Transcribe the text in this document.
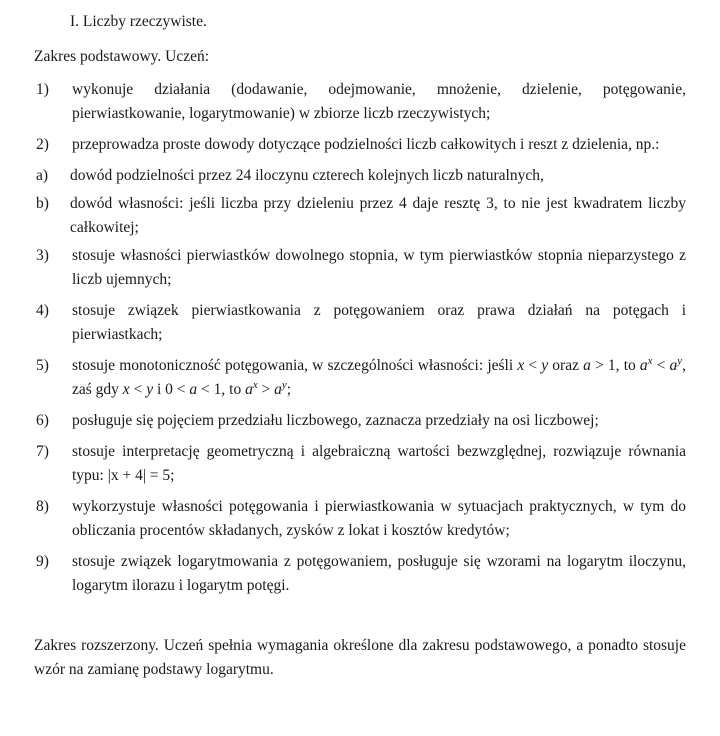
I. Liczby rzeczywiste.
Zakres podstawowy. Uczeń:
1)	wykonuje działania (dodawanie, odejmowanie, mnożenie, dzielenie, potęgowanie, pierwiastkowanie, logarytmowanie) w zbiorze liczb rzeczywistych;
2)	przeprowadza proste dowody dotyczące podzielności liczb całkowitych i reszt z dzielenia, np.:
a)	dowód podzielności przez 24 iloczynu czterech kolejnych liczb naturalnych,
b)	dowód własności: jeśli liczba przy dzieleniu przez 4 daje resztę 3, to nie jest kwadratem liczby całkowitej;
3)	stosuje własności pierwiastków dowolnego stopnia, w tym pierwiastków stopnia nieparzystego z liczb ujemnych;
4)	stosuje związek pierwiastkowania z potęgowaniem oraz prawa działań na potęgach i pierwiastkach;
5)	stosuje monotoniczność potęgowania, w szczególności własności: jeśli x < y oraz a > 1, to $a^x < a^y$, zaś gdy x < y i 0 < a < 1, to $a^x > a^y$;
6)	posługuje się pojęciem przedziału liczbowego, zaznacza przedziały na osi liczbowej;
7)	stosuje interpretację geometryczną i algebraiczną wartości bezwzględnej, rozwiązuje równania typu: |x + 4| = 5;
8)	wykorzystuje własności potęgowania i pierwiastkowania w sytuacjach praktycznych, w tym do obliczania procentów składanych, zysków z lokat i kosztów kredytów;
9)	stosuje związek logarytmowania z potęgowaniem, posługuje się wzorami na logarytm iloczynu, logarytm ilorazu i logarytm potęgi.
Zakres rozszerzony. Uczeń spełnia wymagania określone dla zakresu podstawowego, a ponadto stosuje wzór na zamianę podstawy logarytmu.
